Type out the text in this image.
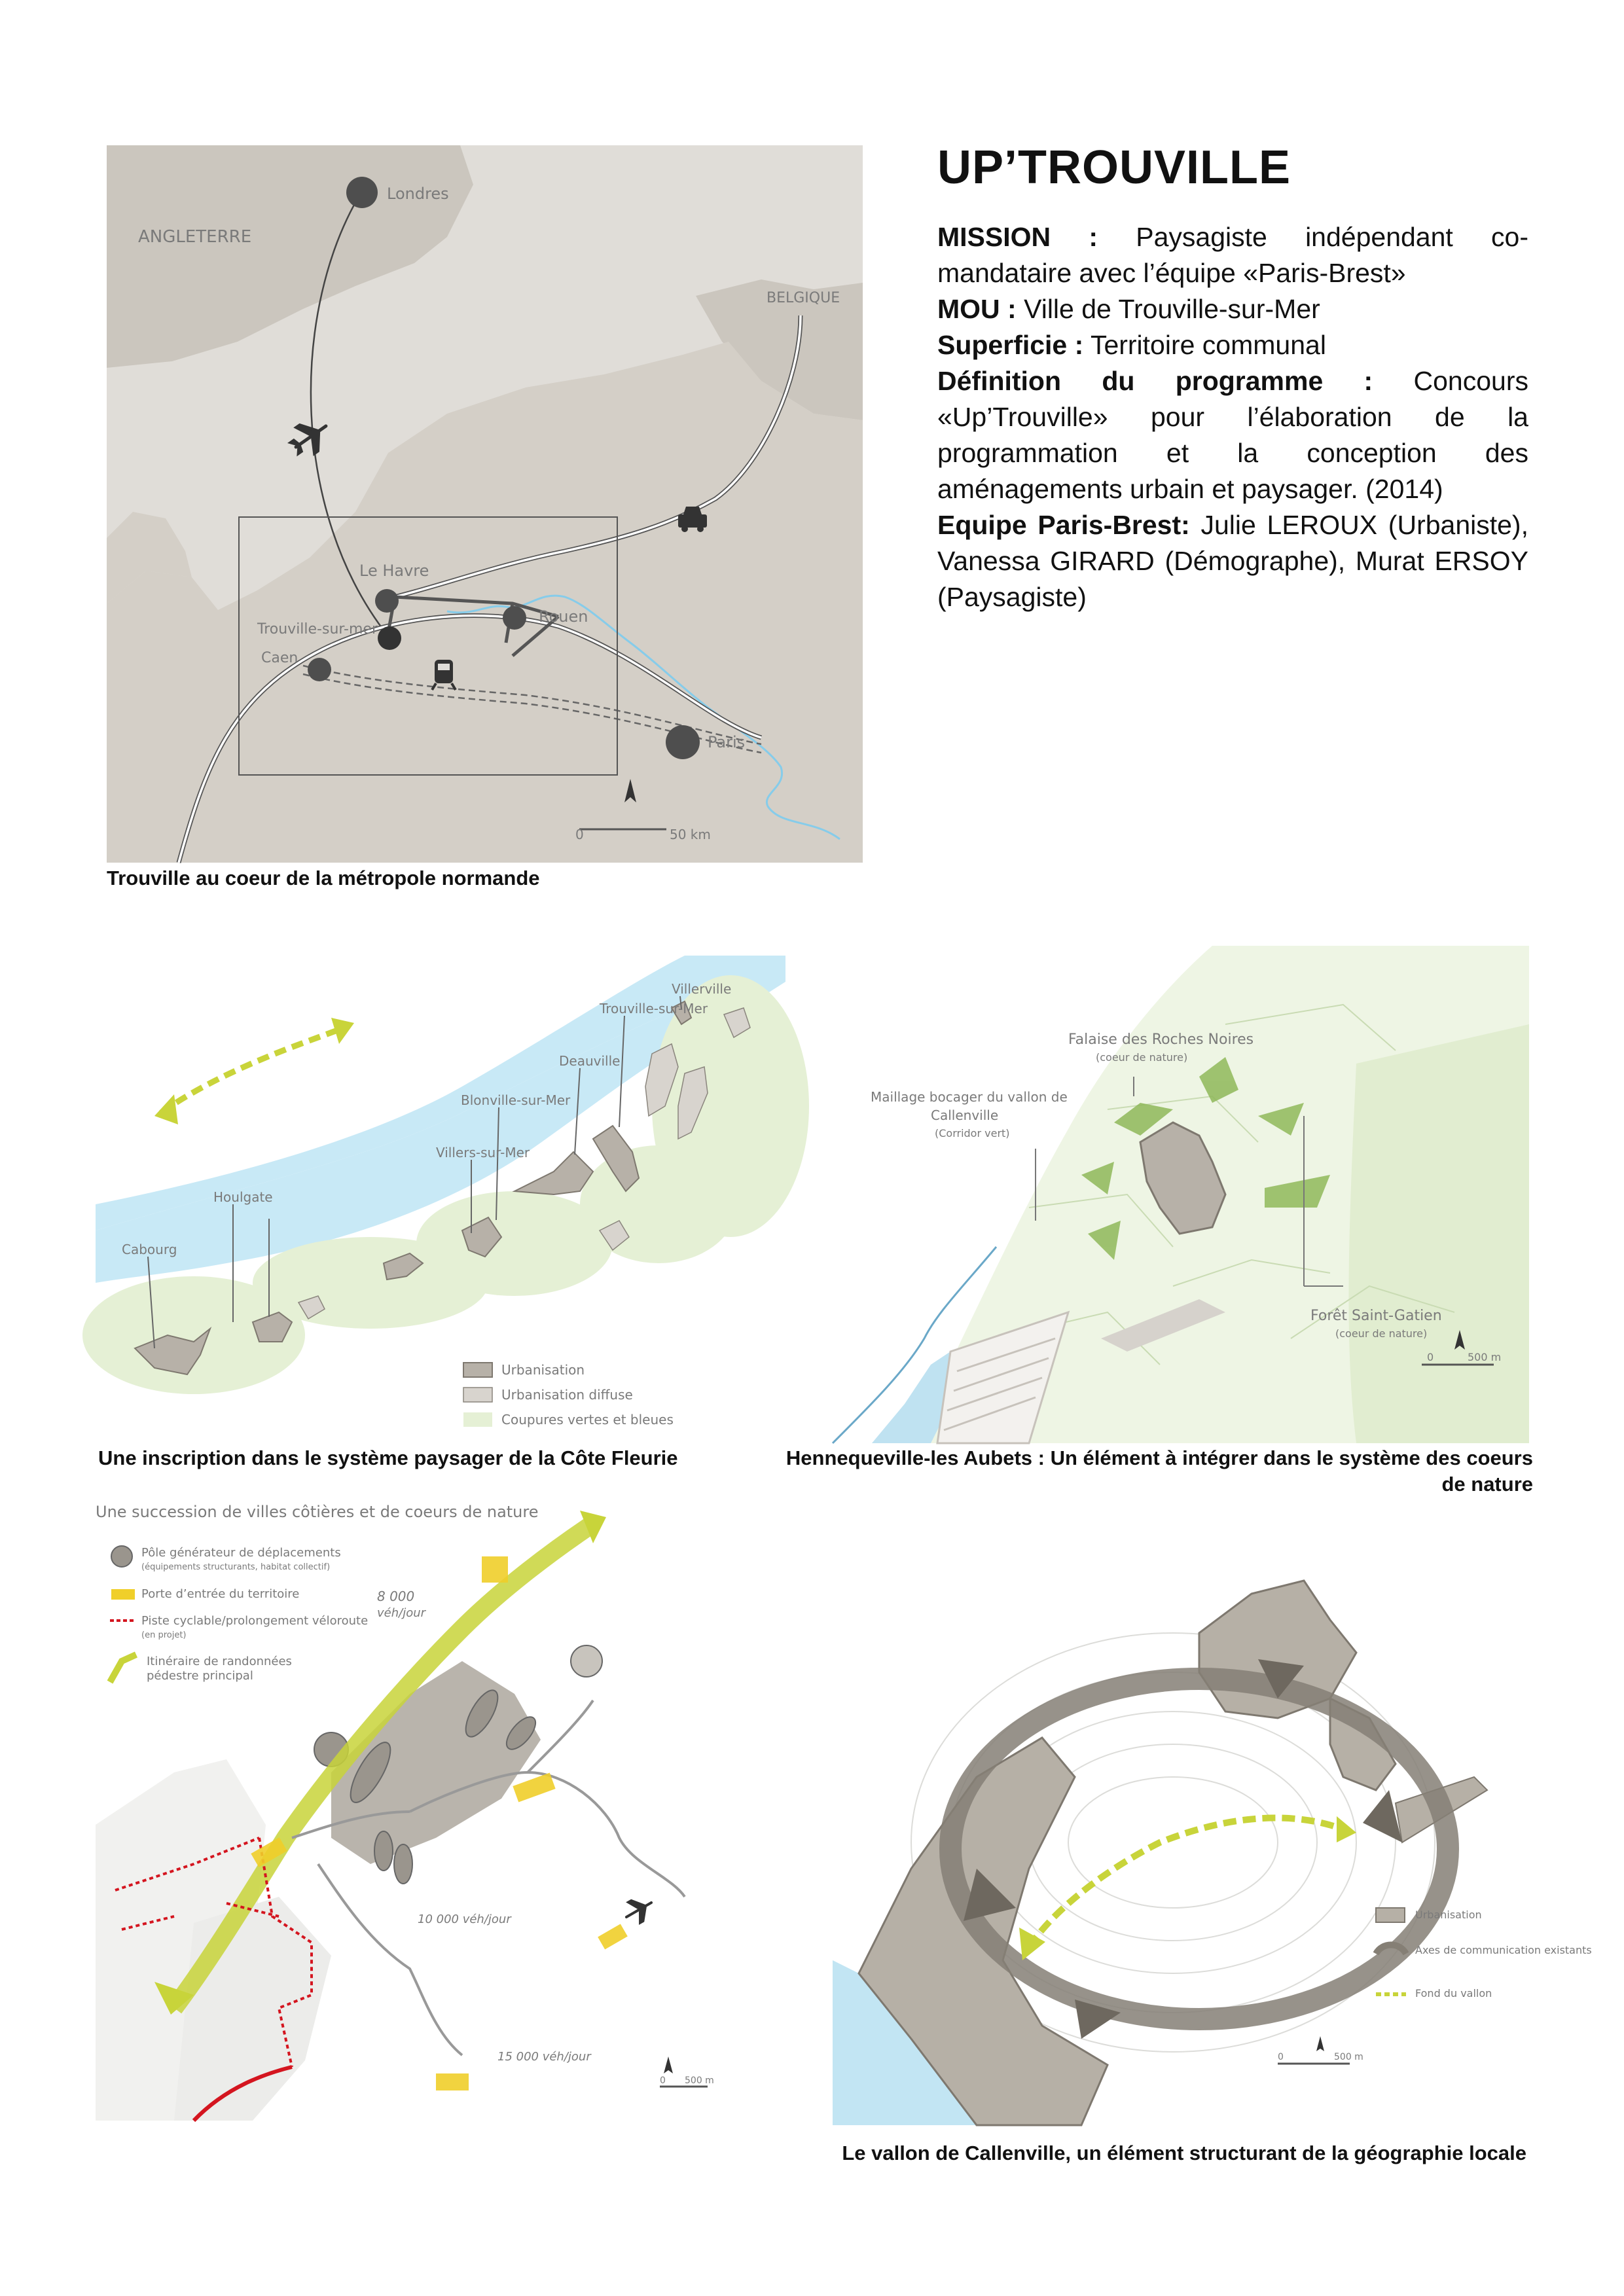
UP’TROUVILLE
MISSION : Paysagiste indépendant co-mandataire avec l’équipe «Paris-Brest»
MOU : Ville de Trouville-sur-Mer
Superficie : Territoire communal
Définition du programme : Concours «Up’Trouville» pour l’élaboration de la programmation et la conception des aménagements urbain et paysager. (2014)
Equipe Paris-Brest: Julie LEROUX (Urbaniste), Vanessa GIRARD (Démographe), Murat ERSOY (Paysagiste)
ANGLETERRE
BELGIQUE
Londres
Le Havre
Trouville-sur-mer
Caen
Rouen
Paris
0	50 km
Trouville au coeur de la métropole normande
Urbanisation
Urbanisation diffuse
Coupures vertes et bleues
Villerville
Trouville-sur-Mer
Deauville
Blonville-sur-Mer
Villers-sur-Mer
Houlgate
Cabourg
Une inscription dans le système paysager de la Côte Fleurie
Falaise des Roches Noires
(coeur de nature)
Maillage bocager du vallon de
Callenville
(Corridor vert)
Forêt Saint-Gatien
(coeur de nature)
0	500 m
Hennequeville-les Aubets : Un élément à intégrer dans le système des coeurs de nature
Une succession de villes côtières et de coeurs de nature
Pôle générateur de déplacements
(équipements structurants, habitat collectif)
Porte d’entrée du territoire
Piste cyclable/prolongement véloroute
(en projet)
Itinéraire de randonnées
pédestre principal
8 000
véh/jour
10 000 véh/jour
15 000 véh/jour
0 500 m
Urbanisation
Axes de communication existants
Fond du vallon
0	500 m
Le vallon de Callenville, un élément structurant de la géographie locale
